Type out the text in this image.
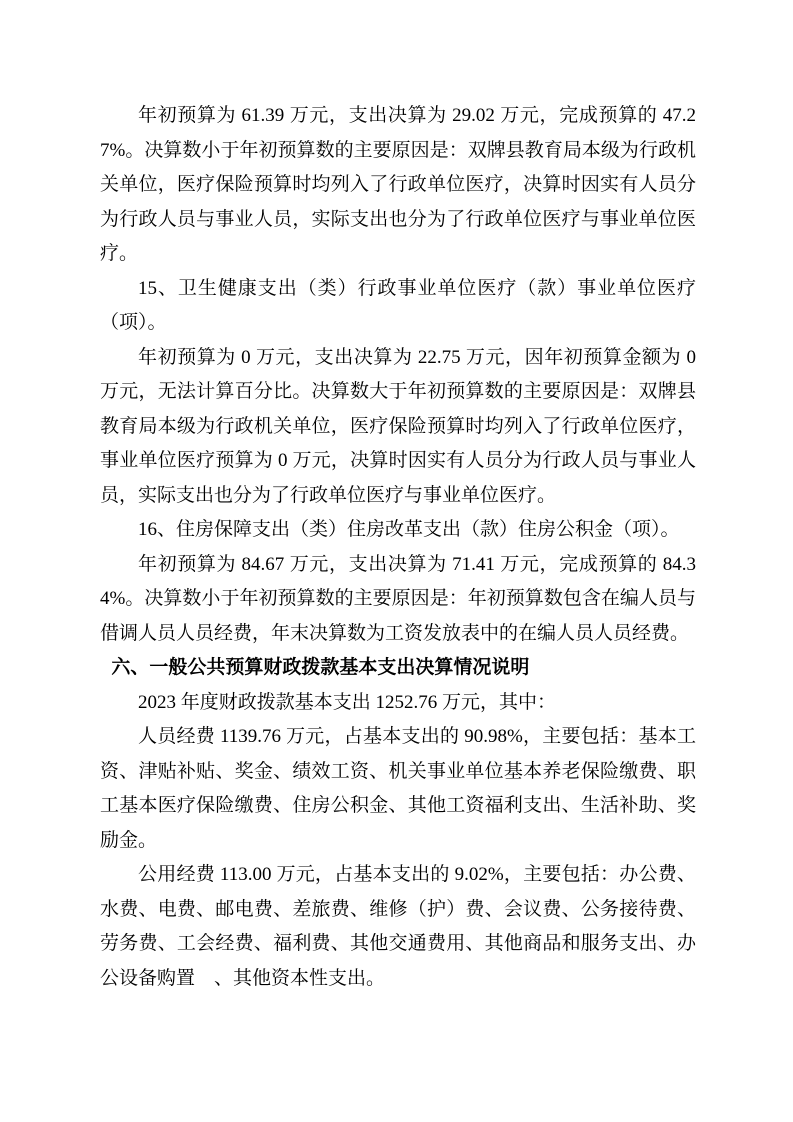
年初预算为 61.39 万元，支出决算为 29.02 万元，完成预算的 47.27%。决算数小于年初预算数的主要原因是：双牌县教育局本级为行政机关单位，医疗保险预算时均列入了行政单位医疗，决算时因实有人员分为行政人员与事业人员，实际支出也分为了行政单位医疗与事业单位医疗。

15、卫生健康支出（类）行政事业单位医疗（款）事业单位医疗（项）。

年初预算为 0 万元，支出决算为 22.75 万元，因年初预算金额为 0 万元，无法计算百分比。决算数大于年初预算数的主要原因是：双牌县教育局本级为行政机关单位，医疗保险预算时均列入了行政单位医疗，事业单位医疗预算为 0 万元，决算时因实有人员分为行政人员与事业人员，实际支出也分为了行政单位医疗与事业单位医疗。

16、住房保障支出（类）住房改革支出（款）住房公积金（项）。

年初预算为 84.67 万元，支出决算为 71.41 万元，完成预算的 84.34%。决算数小于年初预算数的主要原因是：年初预算数包含在编人员与借调人员人员经费，年末决算数为工资发放表中的在编人员人员经费。

六、一般公共预算财政拨款基本支出决算情况说明

2023 年度财政拨款基本支出 1252.76 万元，其中：

人员经费 1139.76 万元，占基本支出的 90.98%，主要包括：基本工资、津贴补贴、奖金、绩效工资、机关事业单位基本养老保险缴费、职工基本医疗保险缴费、住房公积金、其他工资福利支出、生活补助、奖励金。

公用经费 113.00 万元，占基本支出的 9.02%，主要包括：办公费、水费、电费、邮电费、差旅费、维修（护）费、会议费、公务接待费、劳务费、工会经费、福利费、其他交通费用、其他商品和服务支出、办公设备购置　、其他资本性支出。
